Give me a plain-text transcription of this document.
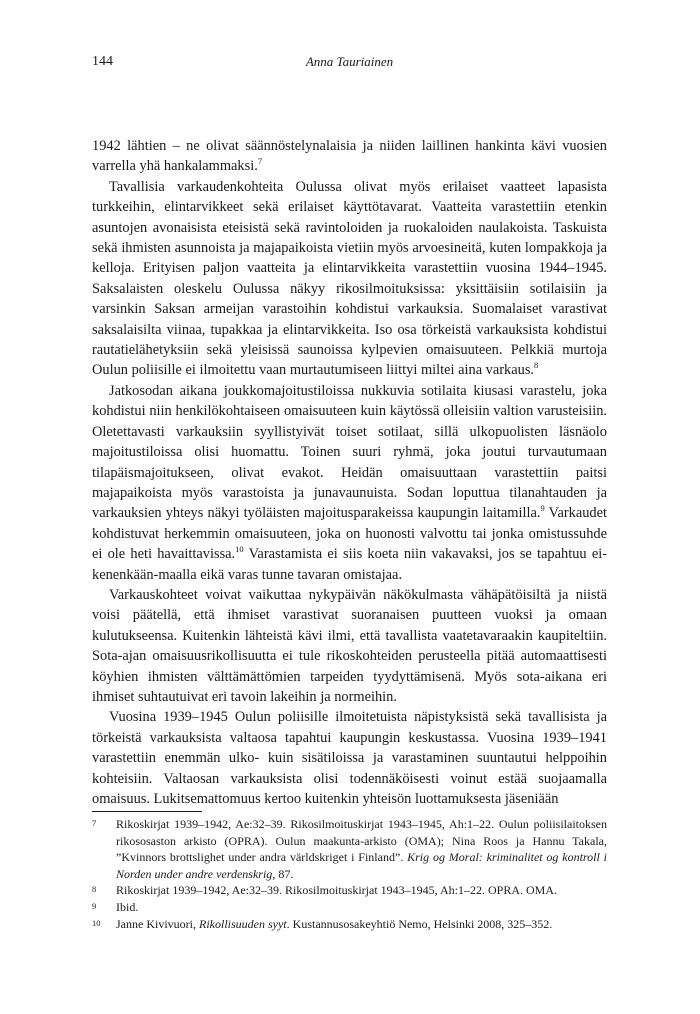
144	Anna Tauriainen

1942 lähtien – ne olivat säännöstelynalaisia ja niiden laillinen hankinta kävi vuosien varrella yhä hankalammaksi.$^7$

Tavallisia varkaudenkohteita Oulussa olivat myös erilaiset vaatteet lapasista turkkeihin, elintarvikkeet sekä erilaiset käyttötavarat. Vaatteita varastettiin etenkin asuntojen avonaisista eteisistä sekä ravintoloiden ja ruokaloiden naulakoista. Taskuista sekä ihmisten asunnoista ja majapaikoista vietiin myös arvoesineitä, kuten lompakkoja ja kelloja. Erityisen paljon vaatteita ja elintarvikkeita varastettiin vuosina 1944–1945. Saksalaisten oleskelu Oulussa näkyy rikosilmoituksissa: yksittäisiin sotilaisiin ja varsinkin Saksan armeijan varastoihin kohdistui varkauksia. Suomalaiset varastivat saksalaisilta viinaa, tupakkaa ja elintarvikkeita. Iso osa törkeistä varkauksista kohdistui rautatielähetyksiin sekä yleisissä saunoissa kylpevien omaisuuteen. Pelkkiä murtoja Oulun poliisille ei ilmoitettu vaan murtautumiseen liittyi miltei aina varkaus.$^8$

Jatkosodan aikana joukkomajoitustiloissa nukkuvia sotilaita kiusasi varastelu, joka kohdistui niin henkilökohtaiseen omaisuuteen kuin käytössä olleisiin valtion varusteisiin. Oletettavasti varkauksiin syyllistyivät toiset sotilaat, sillä ulkopuolisten läsnäolo majoitustiloissa olisi huomattu. Toinen suuri ryhmä, joka joutui turvautumaan tilapäismajoitukseen, olivat evakot. Heidän omaisuuttaan varastettiin paitsi majapaikoista myös varastoista ja junavaunuista. Sodan loputtua tilanahtauden ja varkauksien yhteys näkyi työläisten majoitusparakeissa kaupungin laitamilla.$^9$ Varkaudet kohdistuvat herkemmin omaisuuteen, joka on huonosti valvottu tai jonka omistussuhde ei ole heti havaittavissa.$^{10}$ Varastamista ei siis koeta niin vakavaksi, jos se tapahtuu ei-kenenkään-maalla eikä varas tunne tavaran omistajaa.

Varkauskohteet voivat vaikuttaa nykypäivän näkökulmasta vähäpätöisiltä ja niistä voisi päätellä, että ihmiset varastivat suoranaisen puutteen vuoksi ja omaan kulutukseensa. Kuitenkin lähteistä kävi ilmi, että tavallista vaatetavaraakin kaupiteltiin. Sota-ajan omaisuusrikollisuutta ei tule rikoskohteiden perusteella pitää automaattisesti köyhien ihmisten välttämättömien tarpeiden tyydyttämisenä. Myös sota-aikana eri ihmiset suhtautuivat eri tavoin lakeihin ja normeihin.

Vuosina 1939–1945 Oulun poliisille ilmoitetuista näpistyksistä sekä tavallisista ja törkeistä varkauksista valtaosa tapahtui kaupungin keskustassa. Vuosina 1939–1941 varastettiin enemmän ulko- kuin sisätiloissa ja varastaminen suuntautui helppoihin kohteisiin. Valtaosan varkauksista olisi todennäköisesti voinut estää suojaamalla omaisuus. Lukitsemattomuus kertoo kuitenkin yhteisön luottamuksesta jäseniään

7 Rikoskirjat 1939–1942, Ae:32–39. Rikosilmoituskirjat 1943–1945, Ah:1–22. Oulun poliisilaitoksen rikososaston arkisto (OPRA). Oulun maakunta-arkisto (OMA); Nina Roos ja Hannu Takala, ”Kvinnors brottslighet under andra världskriget i Finland”. Krig og Moral: kriminalitet og kontroll i Norden under andre verdenskrig, 87.

8 Rikoskirjat 1939–1942, Ae:32–39. Rikosilmoituskirjat 1943–1945, Ah:1–22. OPRA. OMA.

9 Ibid.

10 Janne Kivivuori, Rikollisuuden syyt. Kustannusosakeyhtiö Nemo, Helsinki 2008, 325–352.
